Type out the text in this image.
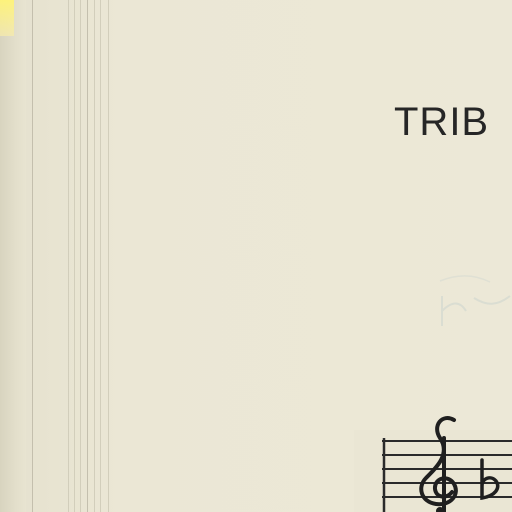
TRIB
